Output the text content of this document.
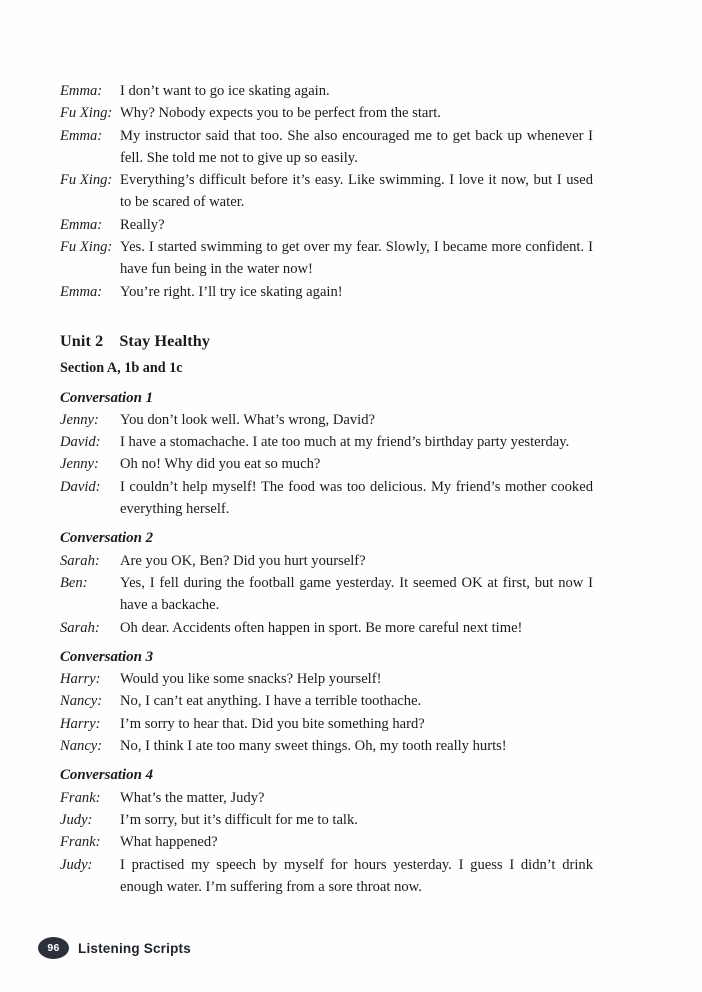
Emma:	I don’t want to go ice skating again.
Fu Xing: Why? Nobody expects you to be perfect from the start.
Emma:	My instructor said that too. She also encouraged me to get back up whenever I fell. She told me not to give up so easily.
Fu Xing: Everything’s difficult before it’s easy. Like swimming. I love it now, but I used to be scared of water.
Emma:	Really?
Fu Xing: Yes. I started swimming to get over my fear. Slowly, I became more confident. I have fun being in the water now!
Emma:	You’re right. I’ll try ice skating again!
Unit 2 Stay Healthy
Section A, 1b and 1c
Conversation 1
Jenny:	You don’t look well. What’s wrong, David?
David:	I have a stomachache. I ate too much at my friend’s birthday party yesterday.
Jenny:	Oh no! Why did you eat so much?
David:	I couldn’t help myself! The food was too delicious. My friend’s mother cooked everything herself.
Conversation 2
Sarah:	Are you OK, Ben? Did you hurt yourself?
Ben:	Yes, I fell during the football game yesterday. It seemed OK at first, but now I have a backache.
Sarah:	Oh dear. Accidents often happen in sport. Be more careful next time!
Conversation 3
Harry:	Would you like some snacks? Help yourself!
Nancy:	No, I can’t eat anything. I have a terrible toothache.
Harry:	I’m sorry to hear that. Did you bite something hard?
Nancy:	No, I think I ate too many sweet things. Oh, my tooth really hurts!
Conversation 4
Frank:	What’s the matter, Judy?
Judy:	I’m sorry, but it’s difficult for me to talk.
Frank:	What happened?
Judy:	I practised my speech by myself for hours yesterday. I guess I didn’t drink enough water. I’m suffering from a sore throat now.
96	Listening Scripts
